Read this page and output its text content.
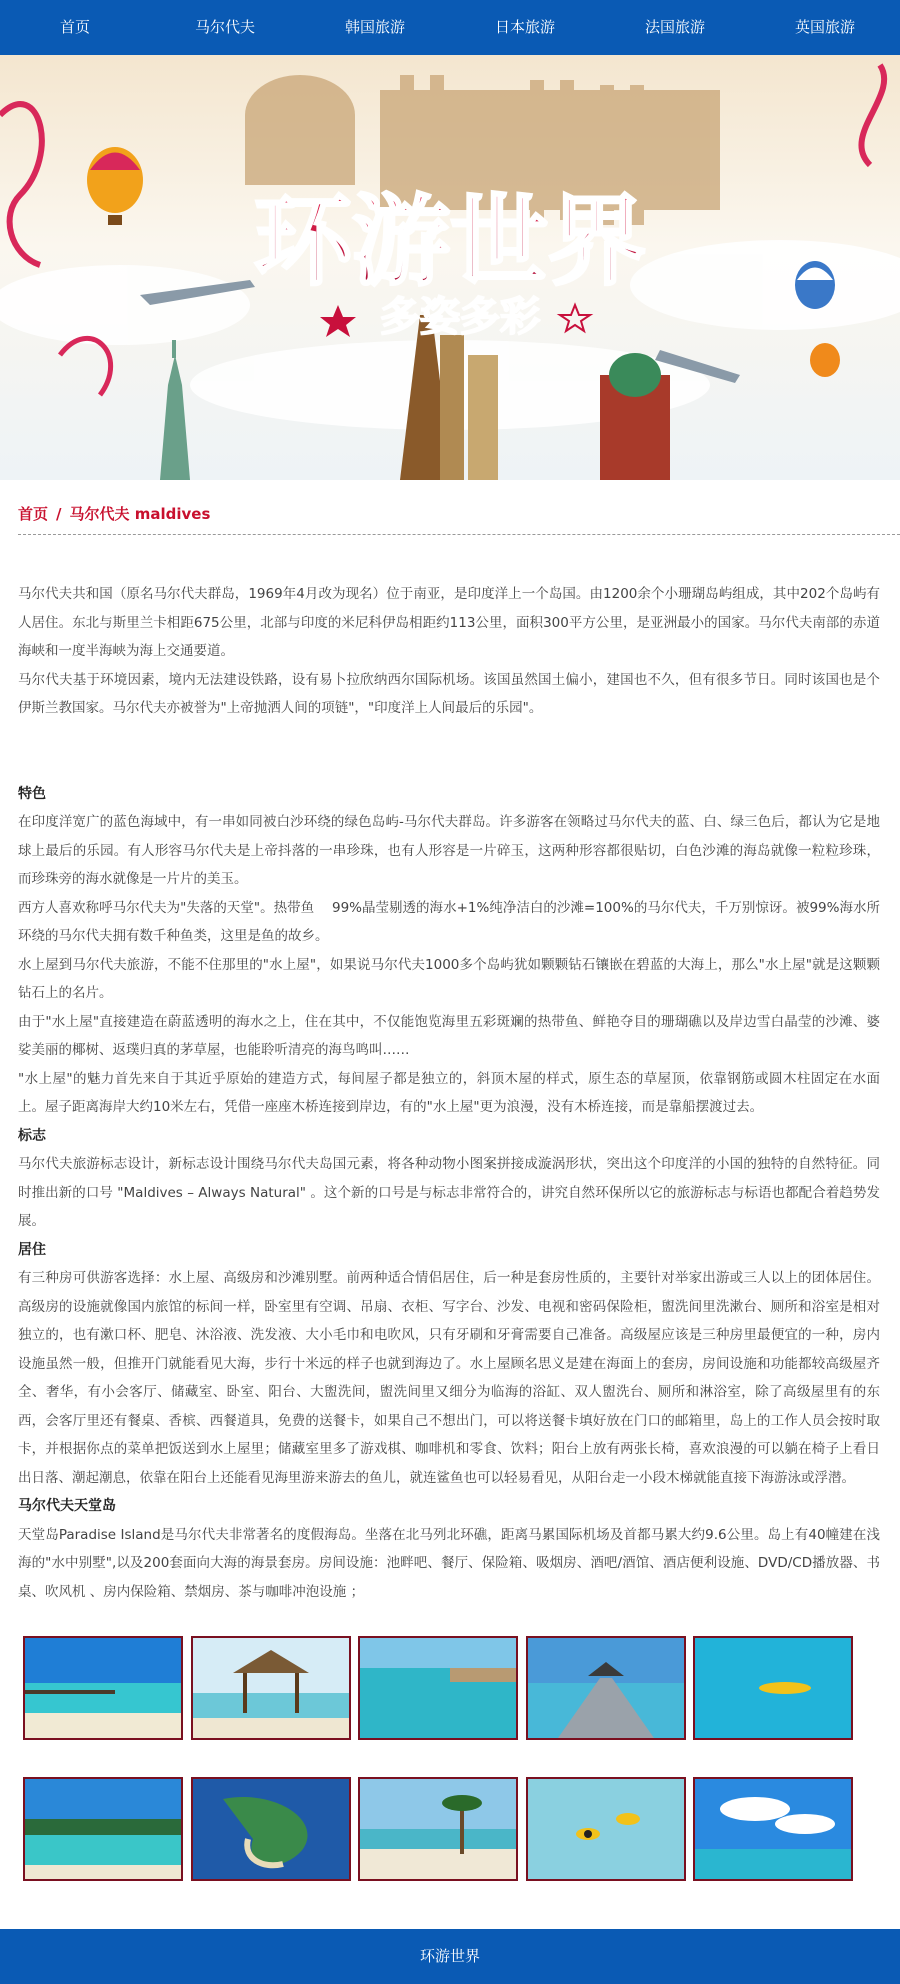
首页	马尔代夫	韩国旅游	日本旅游	法国旅游	英国旅游
环游世界
多姿多彩
首页 / 马尔代夫 maldives

马尔代夫共和国（原名马尔代夫群岛，1969年4月改为现名）位于南亚，是印度洋上一个岛国。由1200余个小珊瑚岛屿组成，其中202个岛屿有人居住。东北与斯里兰卡相距675公里，北部与印度的米尼科伊岛相距约113公里，面积300平方公里，是亚洲最小的国家。马尔代夫南部的赤道海峡和一度半海峡为海上交通要道。

马尔代夫基于环境因素，境内无法建设铁路，设有易卜拉欣纳西尔国际机场。该国虽然国土偏小，建国也不久，但有很多节日。同时该国也是个伊斯兰教国家。马尔代夫亦被誉为"上帝抛洒人间的项链"，"印度洋上人间最后的乐园"。

特色

在印度洋宽广的蓝色海域中，有一串如同被白沙环绕的绿色岛屿-马尔代夫群岛。许多游客在领略过马尔代夫的蓝、白、绿三色后，都认为它是地球上最后的乐园。有人形容马尔代夫是上帝抖落的一串珍珠，也有人形容是一片碎玉，这两种形容都很贴切，白色沙滩的海岛就像一粒粒珍珠，而珍珠旁的海水就像是一片片的美玉。

西方人喜欢称呼马尔代夫为"失落的天堂"。热带鱼　 99%晶莹剔透的海水+1%纯净洁白的沙滩=100%的马尔代夫，千万别惊讶。被99%海水所环绕的马尔代夫拥有数千种鱼类，这里是鱼的故乡。

水上屋到马尔代夫旅游，不能不住那里的"水上屋"，如果说马尔代夫1000多个岛屿犹如颗颗钻石镶嵌在碧蓝的大海上，那么"水上屋"就是这颗颗钻石上的名片。

由于"水上屋"直接建造在蔚蓝透明的海水之上，住在其中，不仅能饱览海里五彩斑斓的热带鱼、鲜艳夺目的珊瑚礁以及岸边雪白晶莹的沙滩、婆娑美丽的椰树、返璞归真的茅草屋，也能聆听清亮的海鸟鸣叫……

"水上屋"的魅力首先来自于其近乎原始的建造方式，每间屋子都是独立的，斜顶木屋的样式，原生态的草屋顶，依靠钢筋或圆木柱固定在水面上。屋子距离海岸大约10米左右，凭借一座座木桥连接到岸边，有的"水上屋"更为浪漫，没有木桥连接，而是靠船摆渡过去。

标志

马尔代夫旅游标志设计，新标志设计围绕马尔代夫岛国元素，将各种动物小图案拼接成漩涡形状，突出这个印度洋的小国的独特的自然特征。同时推出新的口号 "Maldives – Always Natural" 。这个新的口号是与标志非常符合的，讲究自然环保所以它的旅游标志与标语也都配合着趋势发展。

居住

有三种房可供游客选择：水上屋、高级房和沙滩别墅。前两种适合情侣居住，后一种是套房性质的，主要针对举家出游或三人以上的团体居住。高级房的设施就像国内旅馆的标间一样，卧室里有空调、吊扇、衣柜、写字台、沙发、电视和密码保险柜，盥洗间里洗漱台、厕所和浴室是相对独立的，也有漱口杯、肥皂、沐浴液、洗发液、大小毛巾和电吹风，只有牙刷和牙膏需要自己准备。高级屋应该是三种房里最便宜的一种，房内设施虽然一般，但推开门就能看见大海，步行十米远的样子也就到海边了。水上屋顾名思义是建在海面上的套房，房间设施和功能都较高级屋齐全、奢华，有小会客厅、储藏室、卧室、阳台、大盥洗间，盥洗间里又细分为临海的浴缸、双人盥洗台、厕所和淋浴室，除了高级屋里有的东西，会客厅里还有餐桌、香槟、西餐道具，免费的送餐卡，如果自己不想出门，可以将送餐卡填好放在门口的邮箱里，岛上的工作人员会按时取卡，并根据你点的菜单把饭送到水上屋里；储藏室里多了游戏棋、咖啡机和零食、饮料；阳台上放有两张长椅，喜欢浪漫的可以躺在椅子上看日出日落、潮起潮息，依靠在阳台上还能看见海里游来游去的鱼儿，就连鲨鱼也可以轻易看见，从阳台走一小段木梯就能直接下海游泳或浮潜。

马尔代夫天堂岛

天堂岛Paradise Island是马尔代夫非常著名的度假海岛。坐落在北马列北环礁，距离马累国际机场及首都马累大约9.6公里。岛上有40幢建在浅海的"水中别墅",以及200套面向大海的海景套房。房间设施：池畔吧、餐厅、保险箱、吸烟房、酒吧/酒馆、酒店便利设施、DVD/CD播放器、书桌、吹风机 、房内保险箱、禁烟房、茶与咖啡冲泡设施 ；

环游世界
